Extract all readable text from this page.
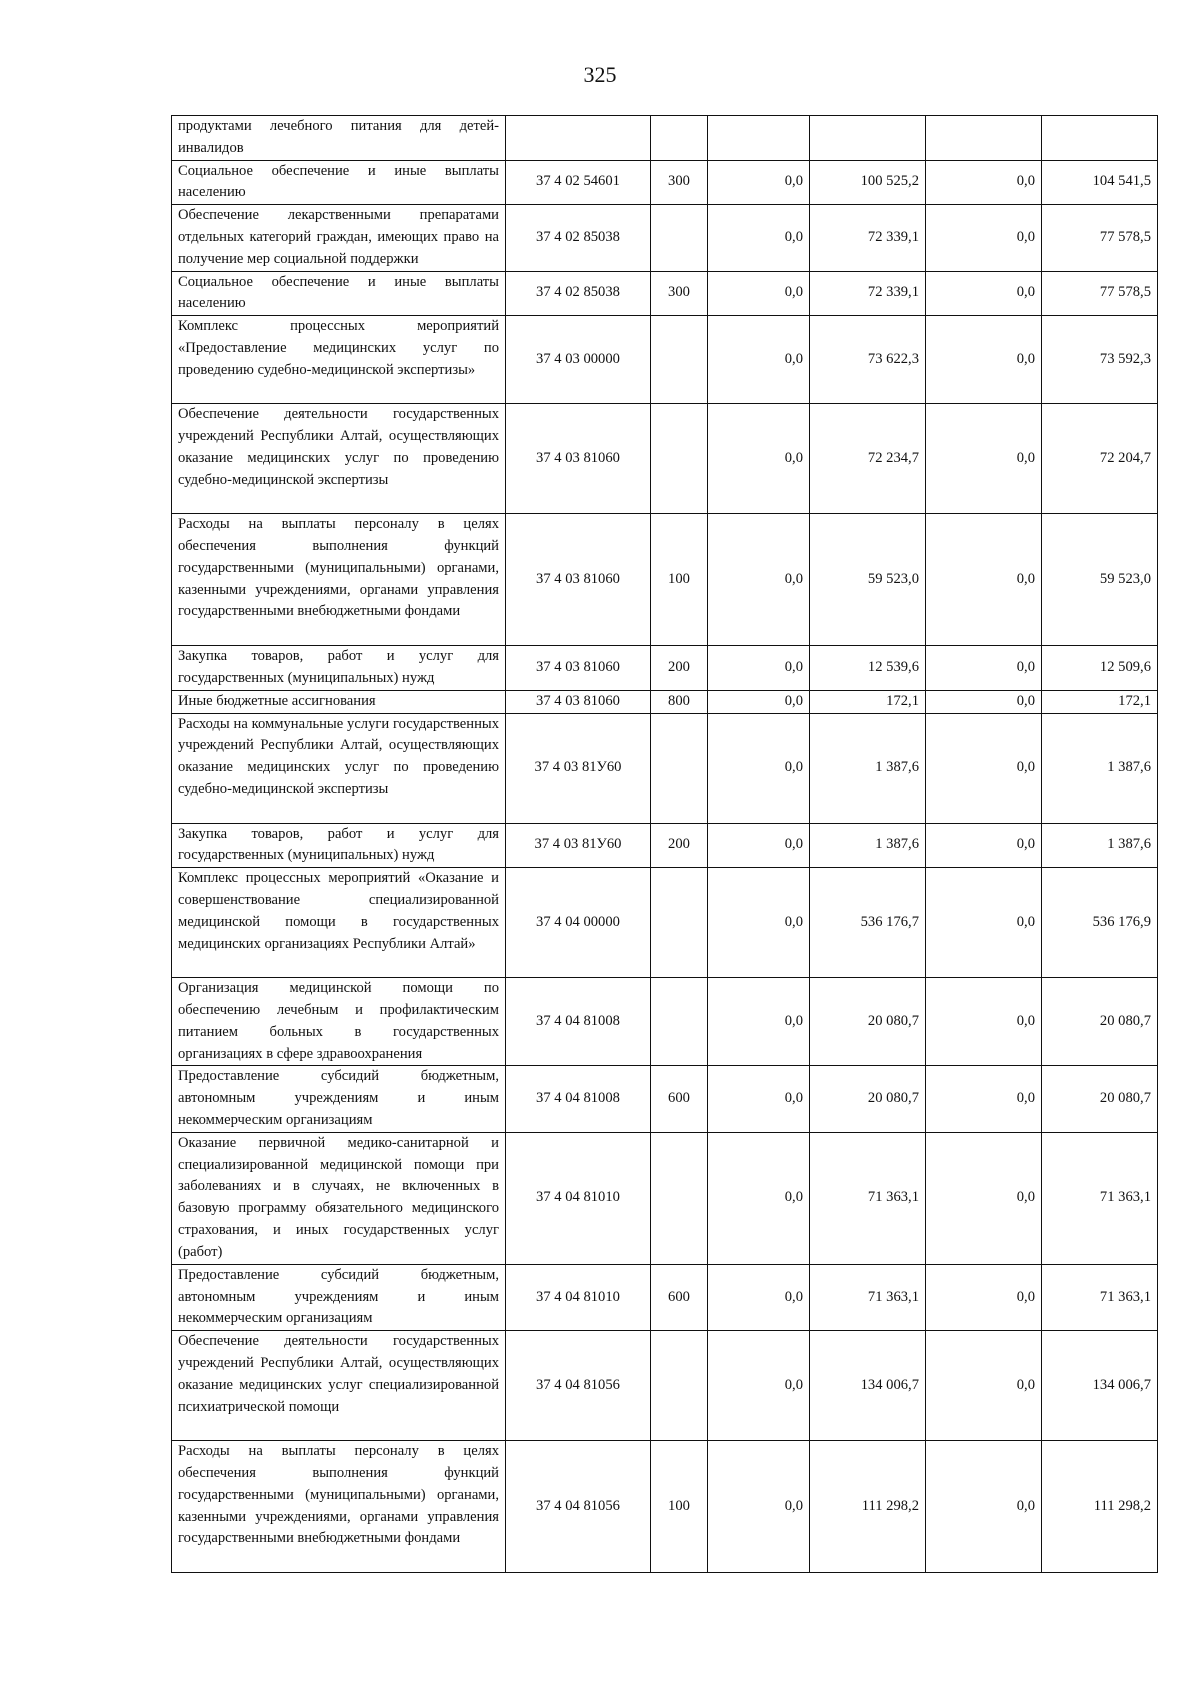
325
продуктами лечебного питания для детей-инвалидов						
Социальное обеспечение и иные выплаты населению	37 4 02 54601	300	0,0	100 525,2	0,0	104 541,5
Обеспечение лекарственными препаратами отдельных категорий граждан, имеющих право на получение мер социальной поддержки	37 4 02 85038		0,0	72 339,1	0,0	77 578,5
Социальное обеспечение и иные выплаты населению	37 4 02 85038	300	0,0	72 339,1	0,0	77 578,5
Комплекс процессных мероприятий «Предоставление медицинских услуг по проведению судебно-медицинской экспертизы»	37 4 03 00000		0,0	73 622,3	0,0	73 592,3
Обеспечение деятельности государственных учреждений Республики Алтай, осуществляющих оказание медицинских услуг по проведению судебно-медицинской экспертизы	37 4 03 81060		0,0	72 234,7	0,0	72 204,7
Расходы на выплаты персоналу в целях обеспечения выполнения функций государственными (муниципальными) органами, казенными учреждениями, органами управления государственными внебюджетными фондами	37 4 03 81060	100	0,0	59 523,0	0,0	59 523,0
Закупка товаров, работ и услуг для государственных (муниципальных) нужд	37 4 03 81060	200	0,0	12 539,6	0,0	12 509,6
Иные бюджетные ассигнования	37 4 03 81060	800	0,0	172,1	0,0	172,1
Расходы на коммунальные услуги государственных учреждений Республики Алтай, осуществляющих оказание медицинских услуг по проведению судебно-медицинской экспертизы	37 4 03 81У60		0,0	1 387,6	0,0	1 387,6
Закупка товаров, работ и услуг для государственных (муниципальных) нужд	37 4 03 81У60	200	0,0	1 387,6	0,0	1 387,6
Комплекс процессных мероприятий «Оказание и совершенствование специализированной медицинской помощи в государственных медицинских организациях Республики Алтай»	37 4 04 00000		0,0	536 176,7	0,0	536 176,9
Организация медицинской помощи по обеспечению лечебным и профилактическим питанием больных в государственных организациях в сфере здравоохранения	37 4 04 81008		0,0	20 080,7	0,0	20 080,7
Предоставление субсидий бюджетным, автономным учреждениям и иным некоммерческим организациям	37 4 04 81008	600	0,0	20 080,7	0,0	20 080,7
Оказание первичной медико-санитарной и специализированной медицинской помощи при заболеваниях и в случаях, не включенных в базовую программу обязательного медицинского страхования, и иных государственных услуг (работ)	37 4 04 81010		0,0	71 363,1	0,0	71 363,1
Предоставление субсидий бюджетным, автономным учреждениям и иным некоммерческим организациям	37 4 04 81010	600	0,0	71 363,1	0,0	71 363,1
Обеспечение деятельности государственных учреждений Республики Алтай, осуществляющих оказание медицинских услуг специализированной психиатрической помощи	37 4 04 81056		0,0	134 006,7	0,0	134 006,7
Расходы на выплаты персоналу в целях обеспечения выполнения функций государственными (муниципальными) органами, казенными учреждениями, органами управления государственными внебюджетными фондами	37 4 04 81056	100	0,0	111 298,2	0,0	111 298,2
